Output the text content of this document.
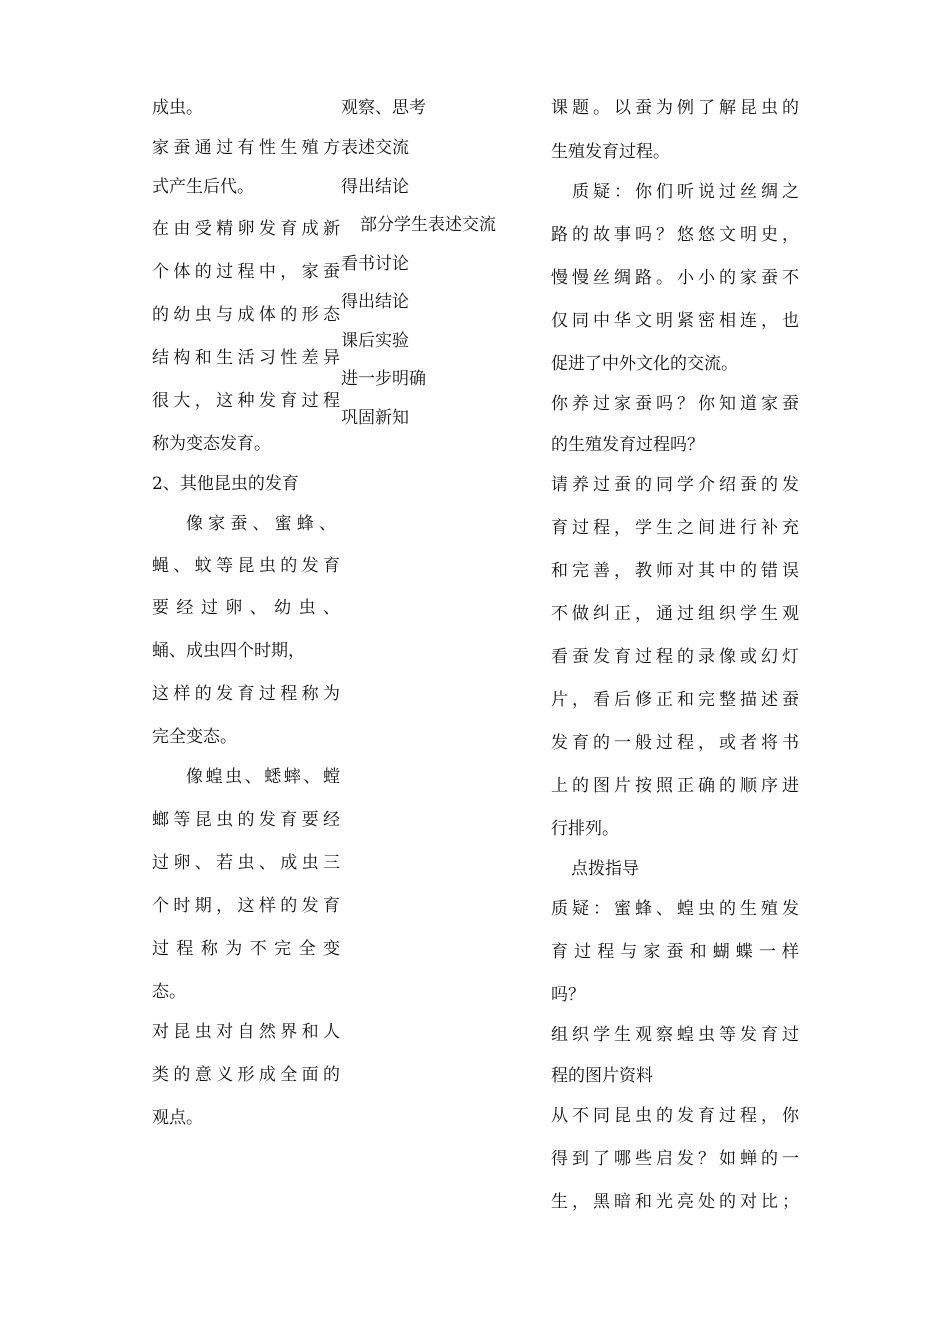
成虫。
家蚕通过有性生殖方
式产生后代。
在由受精卵发育成新
个体的过程中，家蚕
的幼虫与成体的形态
结构和生活习性差异
很大，这种发育过程
称为变态发育。
2、其他昆虫的发育
像家蚕、蜜蜂、
蝇、蚊等昆虫的发育
要经过卵、幼虫、
蛹、成虫四个时期，
这样的发育过程称为
完全变态。
像蝗虫、蟋蟀、螳
螂等昆虫的发育要经
过卵、若虫、成虫三
个时期，这样的发育
过程称为不完全变
态。
对昆虫对自然界和人
类的意义形成全面的
观点。
观察、思考
表述交流
得出结论
部分学生表述交流
看书讨论
得出结论
课后实验
进一步明确
巩固新知
课题。以蚕为例了解昆虫的
生殖发育过程。
质疑：你们听说过丝绸之
路的故事吗？悠悠文明史，
慢慢丝绸路。小小的家蚕不
仅同中华文明紧密相连，也
促进了中外文化的交流。
你养过家蚕吗？你知道家蚕
的生殖发育过程吗？
请养过蚕的同学介绍蚕的发
育过程，学生之间进行补充
和完善，教师对其中的错误
不做纠正，通过组织学生观
看蚕发育过程的录像或幻灯
片，看后修正和完整描述蚕
发育的一般过程，或者将书
上的图片按照正确的顺序进
行排列。
点拨指导
质疑：蜜蜂、蝗虫的生殖发
育过程与家蚕和蝴蝶一样
吗？
组织学生观察蝗虫等发育过
程的图片资料
从不同昆虫的发育过程，你
得到了哪些启发？如蝉的一
生，黑暗和光亮处的对比；
